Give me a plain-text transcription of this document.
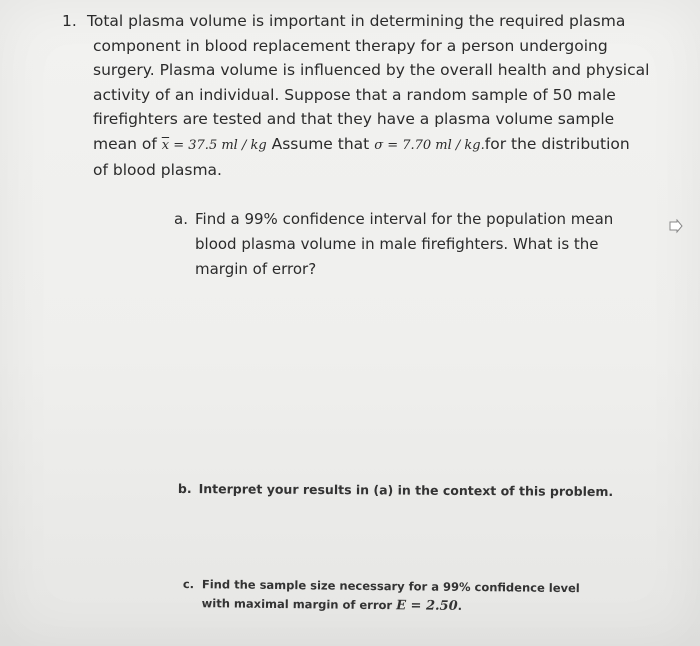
1. Total plasma volume is important in determining the required plasma
component in blood replacement therapy for a person undergoing
surgery. Plasma volume is influenced by the overall health and physical
activity of an individual. Suppose that a random sample of 50 male
firefighters are tested and that they have a plasma volume sample
mean of $\overline{x} = 37.5$ ml / kg Assume that σ = 7.70 ml / kg.for the distribution
of blood plasma.
a. Find a 99% confidence interval for the population mean
blood plasma volume in male firefighters. What is the
margin of error?
b. Interpret your results in (a) in the context of this problem.
c. Find the sample size necessary for a 99% confidence level
with maximal margin of error E = 2.50.
